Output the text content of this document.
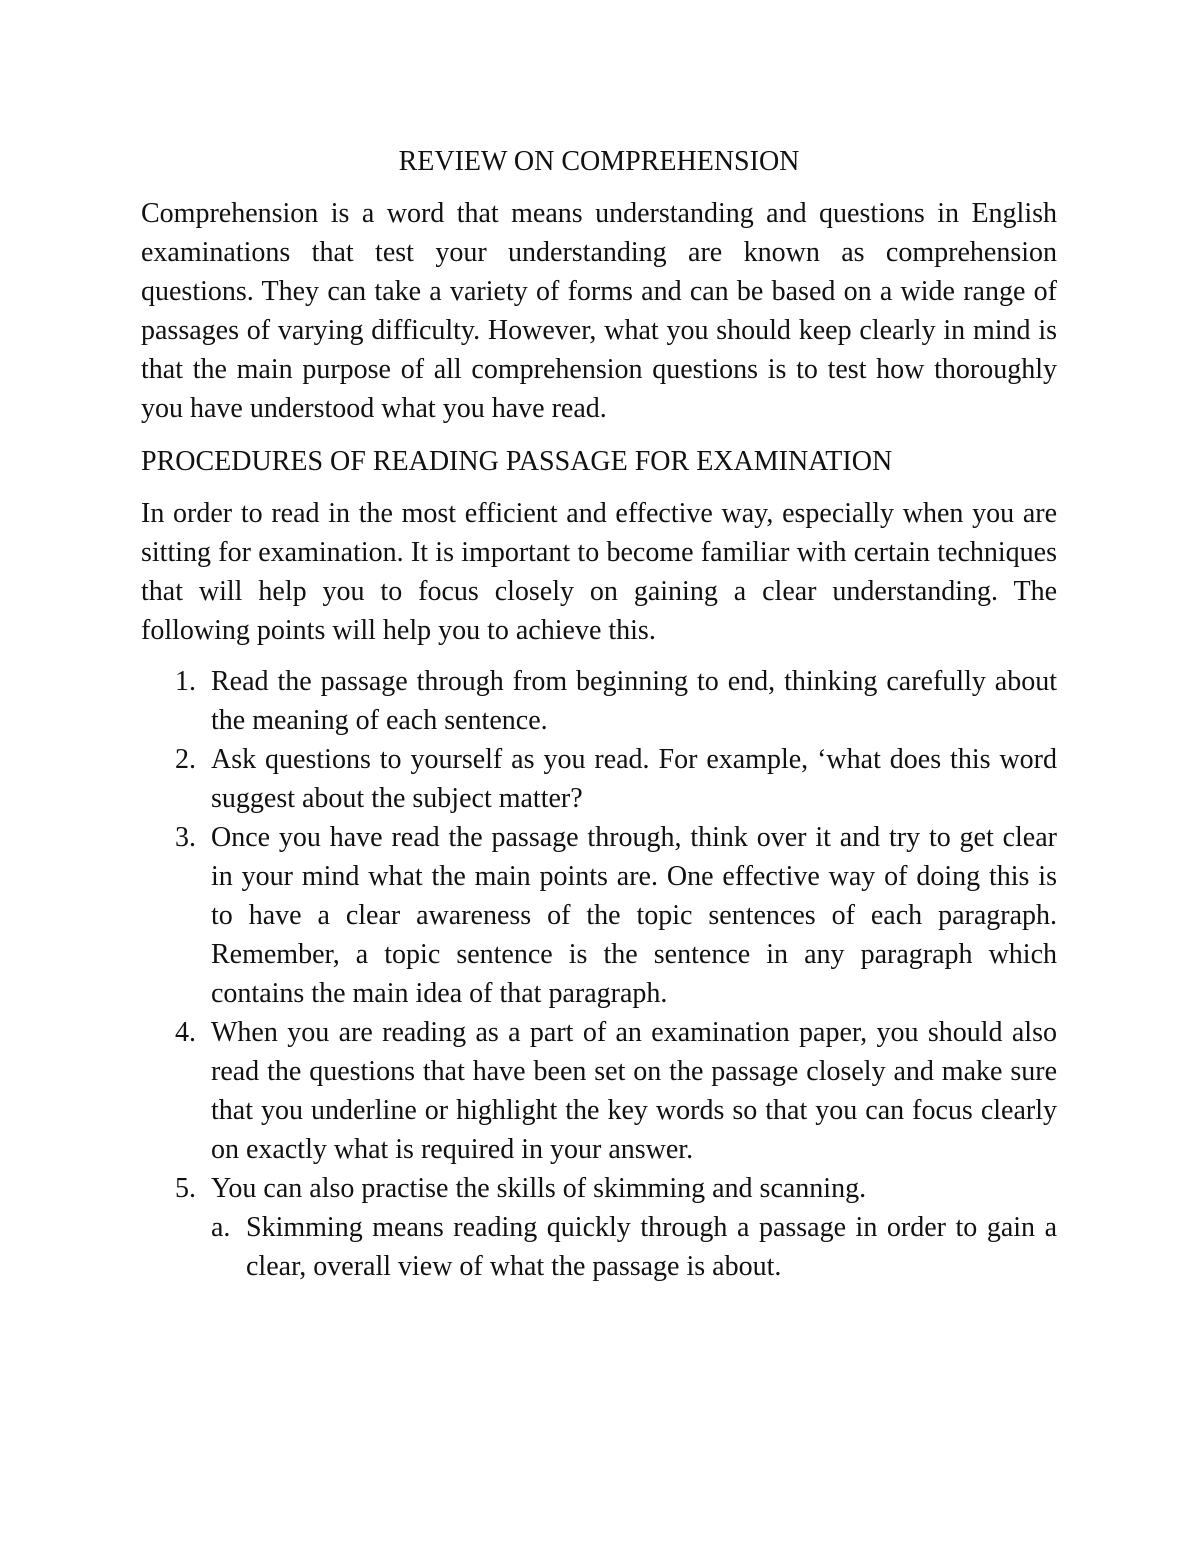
REVIEW ON COMPREHENSION

Comprehension is a word that means understanding and questions in English examinations that test your understanding are known as comprehension questions. They can take a variety of forms and can be based on a wide range of passages of varying difficulty. However, what you should keep clearly in mind is that the main purpose of all comprehension questions is to test how thoroughly you have understood what you have read.

PROCEDURES OF READING PASSAGE FOR EXAMINATION

In order to read in the most efficient and effective way, especially when you are sitting for examination. It is important to become familiar with certain techniques that will help you to focus closely on gaining a clear understanding. The following points will help you to achieve this.

1. Read the passage through from beginning to end, thinking carefully about the meaning of each sentence.
2. Ask questions to yourself as you read. For example, ‘what does this word suggest about the subject matter?
3. Once you have read the passage through, think over it and try to get clear in your mind what the main points are. One effective way of doing this is to have a clear awareness of the topic sentences of each paragraph. Remember, a topic sentence is the sentence in any paragraph which contains the main idea of that paragraph.
4. When you are reading as a part of an examination paper, you should also read the questions that have been set on the passage closely and make sure that you underline or highlight the key words so that you can focus clearly on exactly what is required in your answer.
5. You can also practise the skills of skimming and scanning.
a. Skimming means reading quickly through a passage in order to gain a clear, overall view of what the passage is about.
